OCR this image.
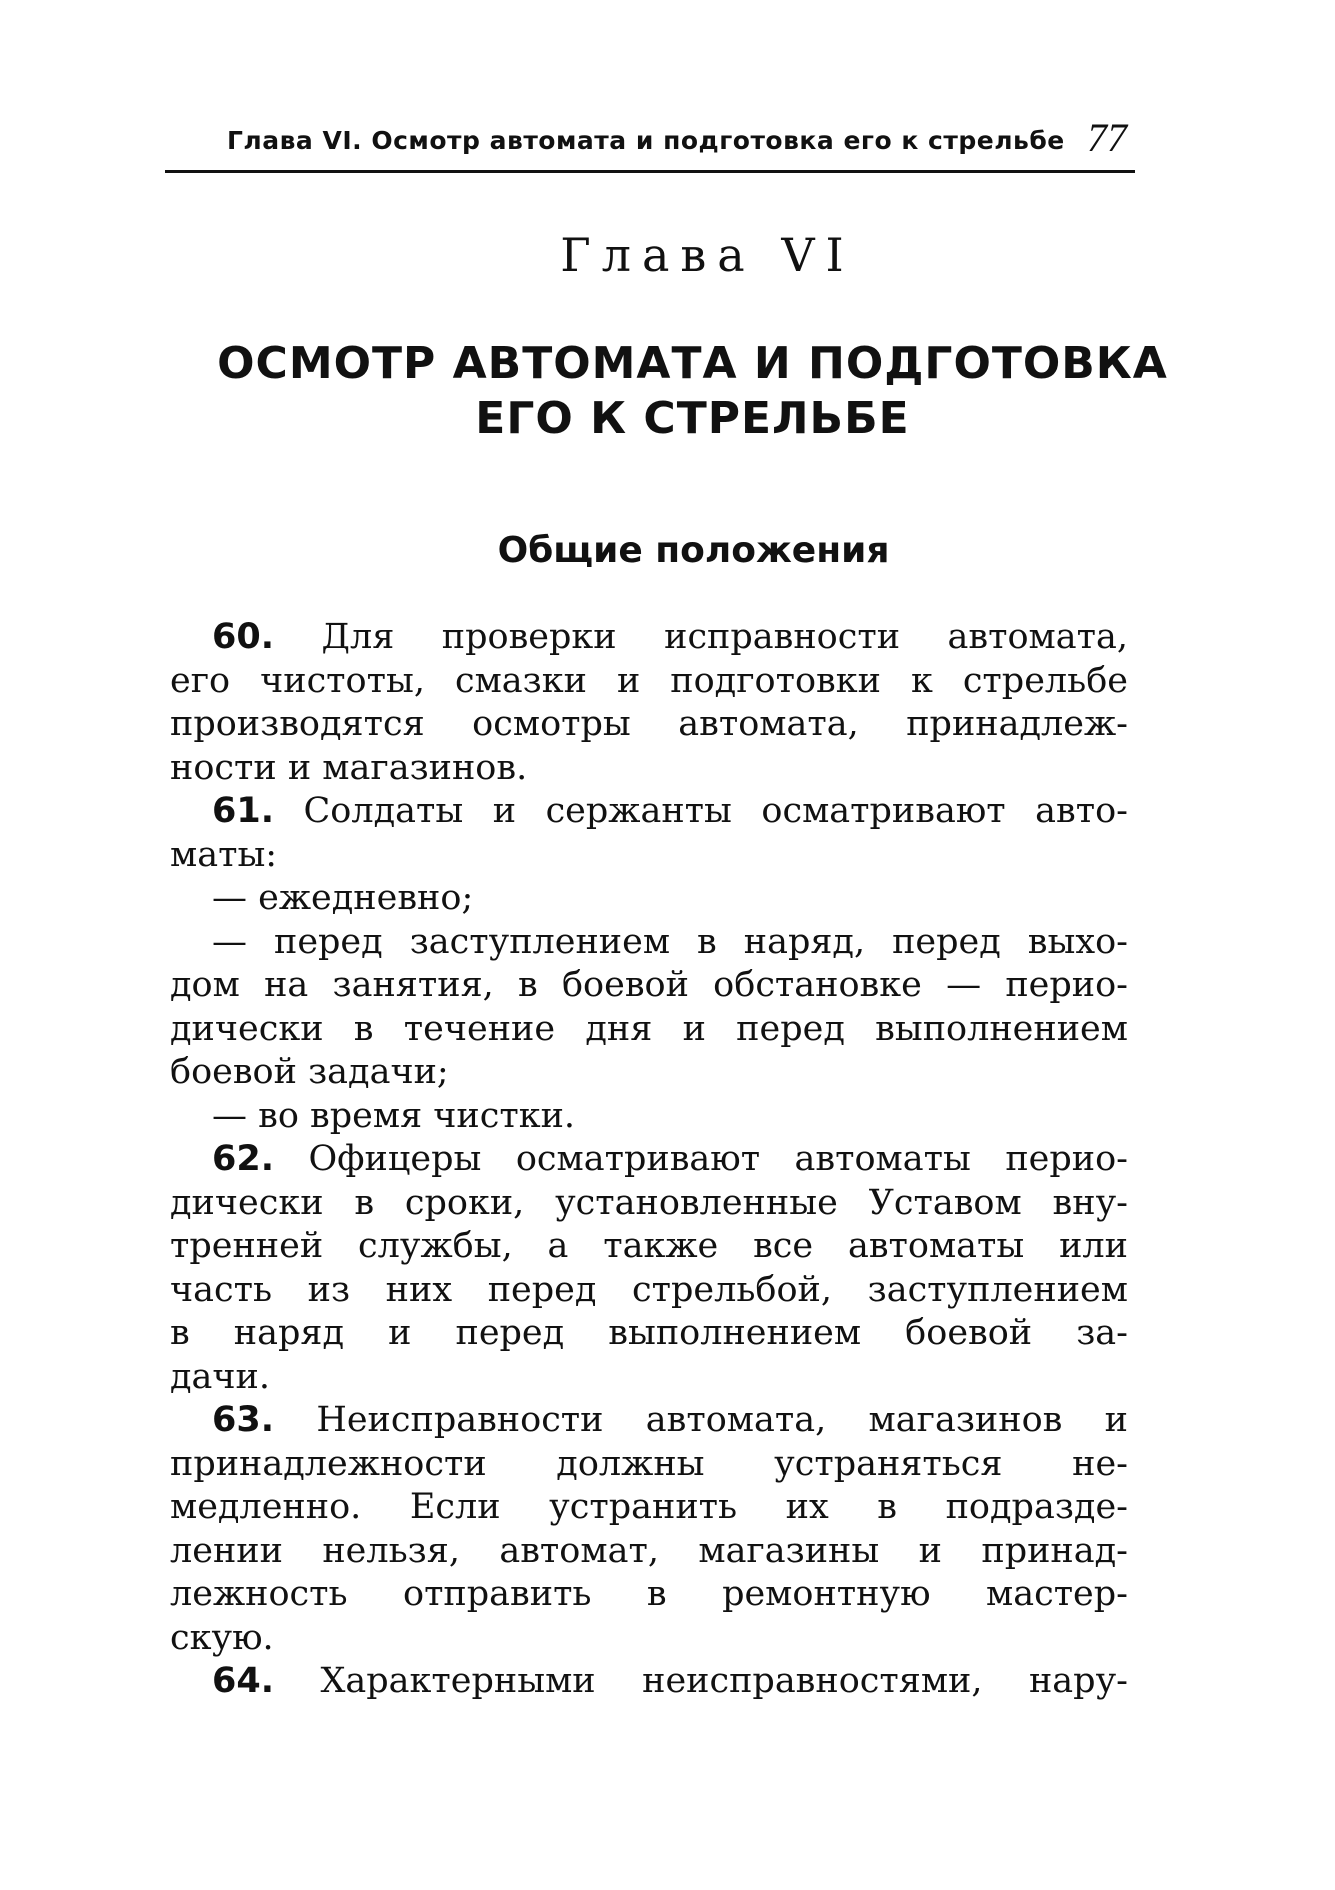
Глава VI. Осмотр автомата и подготовка его к стрельбе 77
Глава VI
ОСМОТР АВТОМАТА И ПОДГОТОВКА
ЕГО К СТРЕЛЬБЕ
Общие положения
60. Для проверки исправности автомата,
его чистоты, смазки и подготовки к стрельбе
производятся осмотры автомата, принадлеж-
ности и магазинов.
61. Солдаты и сержанты осматривают авто-
маты:
— ежедневно;
— перед заступлением в наряд, перед выхо-
дом на занятия, в боевой обстановке — перио-
дически в течение дня и перед выполнением
боевой задачи;
— во время чистки.
62. Офицеры осматривают автоматы перио-
дически в сроки, установленные Уставом вну-
тренней службы, а также все автоматы или
часть из них перед стрельбой, заступлением
в наряд и перед выполнением боевой за-
дачи.
63. Неисправности автомата, магазинов и
принадлежности должны устраняться не-
медленно. Если устранить их в подразде-
лении нельзя, автомат, магазины и принад-
лежность отправить в ремонтную мастер-
скую.
64. Характерными неисправностями, нару-
